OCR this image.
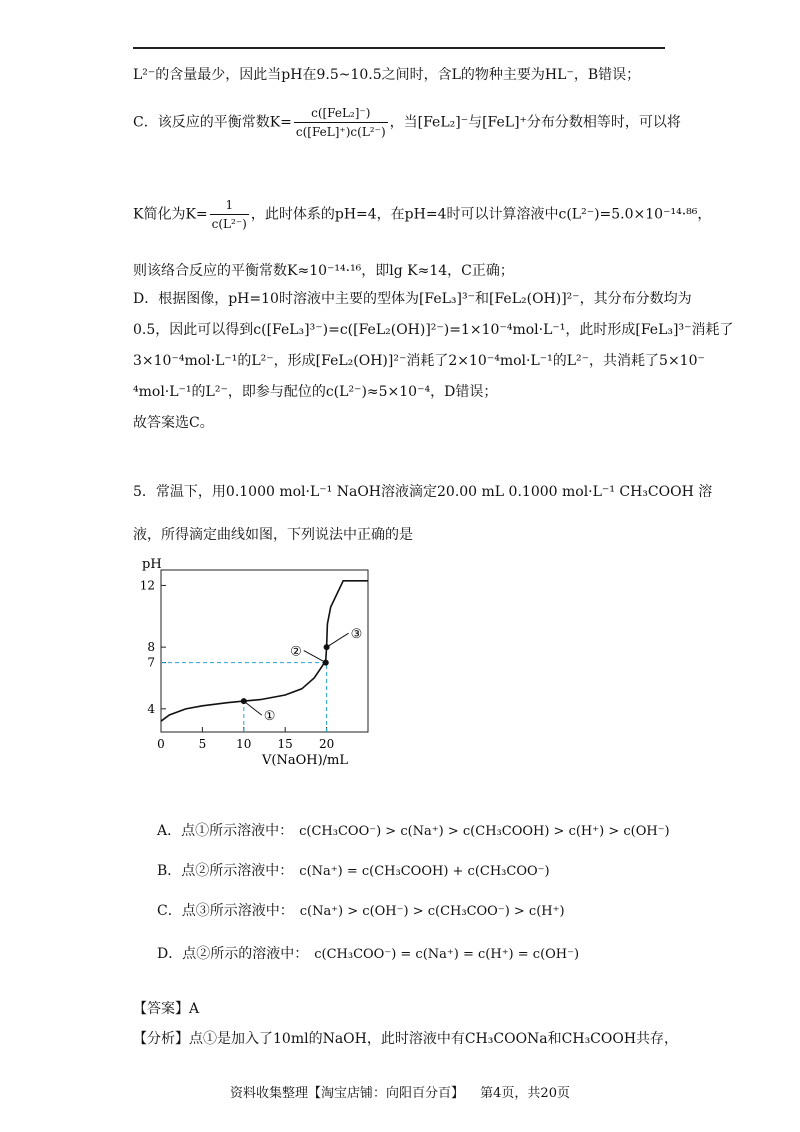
L²⁻的含量最少，因此当pH在9.5~10.5之间时，含L的物种主要为HL⁻，B错误；
C．该反应的平衡常数$K= \frac{\text{c([FeL₂]⁻)}}{\text{c([FeL]⁺)c(L²⁻)}}$ ，当[FeL₂]⁻与[FeL]⁺分布分数相等时，可以将
K简化为$K= \frac{1}{\text{c(L²⁻)}}$ ，此时体系的pH=4，在pH=4时可以计算溶液中c(L²⁻)=5.0×10⁻¹⁴·⁸⁶，
则该络合反应的平衡常数K≈10⁻¹⁴·¹⁶，即lg K≈14，C正确；
D．根据图像，pH=10时溶液中主要的型体为[FeL₃]³⁻和[FeL₂(OH)]²⁻，其分布分数均为
0.5，因此可以得到c([FeL₃]³⁻)=c([FeL₂(OH)]²⁻)=1×10⁻⁴mol·L⁻¹，此时形成[FeL₃]³⁻消耗了
3×10⁻⁴mol·L⁻¹的L²⁻，形成[FeL₂(OH)]²⁻消耗了2×10⁻⁴mol·L⁻¹的L²⁻，共消耗了5×10⁻
⁴mol·L⁻¹的L²⁻，即参与配位的c(L²⁻)≈5×10⁻⁴，D错误；
故答案选C。
5．常温下，用0.1000 mol·L⁻¹ NaOH溶液滴定20.00 mL 0.1000 mol·L⁻¹ CH₃COOH 溶
液，所得滴定曲线如图，下列说法中正确的是
pH
V(NaOH)/mL
12
8
7
4
0	5 10 15 20
①
②
③
A．点①所示溶液中： c(CH₃COO⁻) > c(Na⁺) > c(CH₃COOH) > c(H⁺) > c(OH⁻)
B．点②所示溶液中： c(Na⁺) = c(CH₃COOH) + c(CH₃COO⁻)
C．点③所示溶液中： c(Na⁺) > c(OH⁻) > c(CH₃COO⁻) > c(H⁺)
D．点②所示的溶液中： c(CH₃COO⁻) = c(Na⁺) = c(H⁺) = c(OH⁻)
【答案】A
【分析】点①是加入了10ml的NaOH，此时溶液中有CH₃COONa和CH₃COOH共存，
资料收集整理【淘宝店铺：向阳百分百】 第4页，共20页
